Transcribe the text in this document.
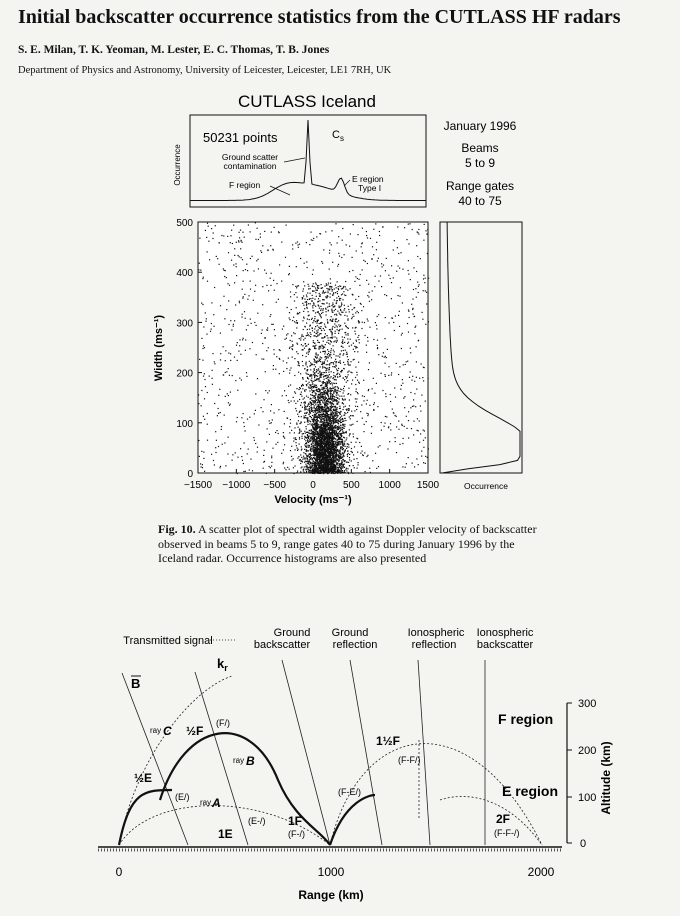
Initial backscatter occurrence statistics from the CUTLASS HF radars
S. E. Milan, T. K. Yeoman, M. Lester, E. C. Thomas, T. B. Jones
Department of Physics and Astronomy, University of Leicester, Leicester, LE1 7RH, UK
CUTLASS Iceland
Occurrence
50231 points	$C_s$
Ground scatter
contamination
F region
E region
Type I
January 1996
Beams
5 to 9
Range gates
40 to 75
−1500 −1000 −500 0	500 1000 1500
0
100
200
300
400
500
Velocity (ms⁻¹)
Width (ms⁻¹)
Occurrence
Fig. 10. A scatter plot of spectral width against Doppler velocity of backscatter observed in beams 5 to 9, range gates 40 to 75 during January 1996 by the Iceland radar. Occurrence histograms are also presented
Transmitted signal
Ground
backscatter
Ground
reflection
Ionospheric
reflection
Ionospheric
backscatter
300
200
100
0
Altitude (km)
0	1000	2000
Range (km)
F region
E region
B
$k_r$
½F
(F/)
ray C
ray B
ray A
½E
(E/)
(E-/)
1E
1F
(F-/)
(F-E/)
1½F
(F-F/)
2F
(F-F-/)
